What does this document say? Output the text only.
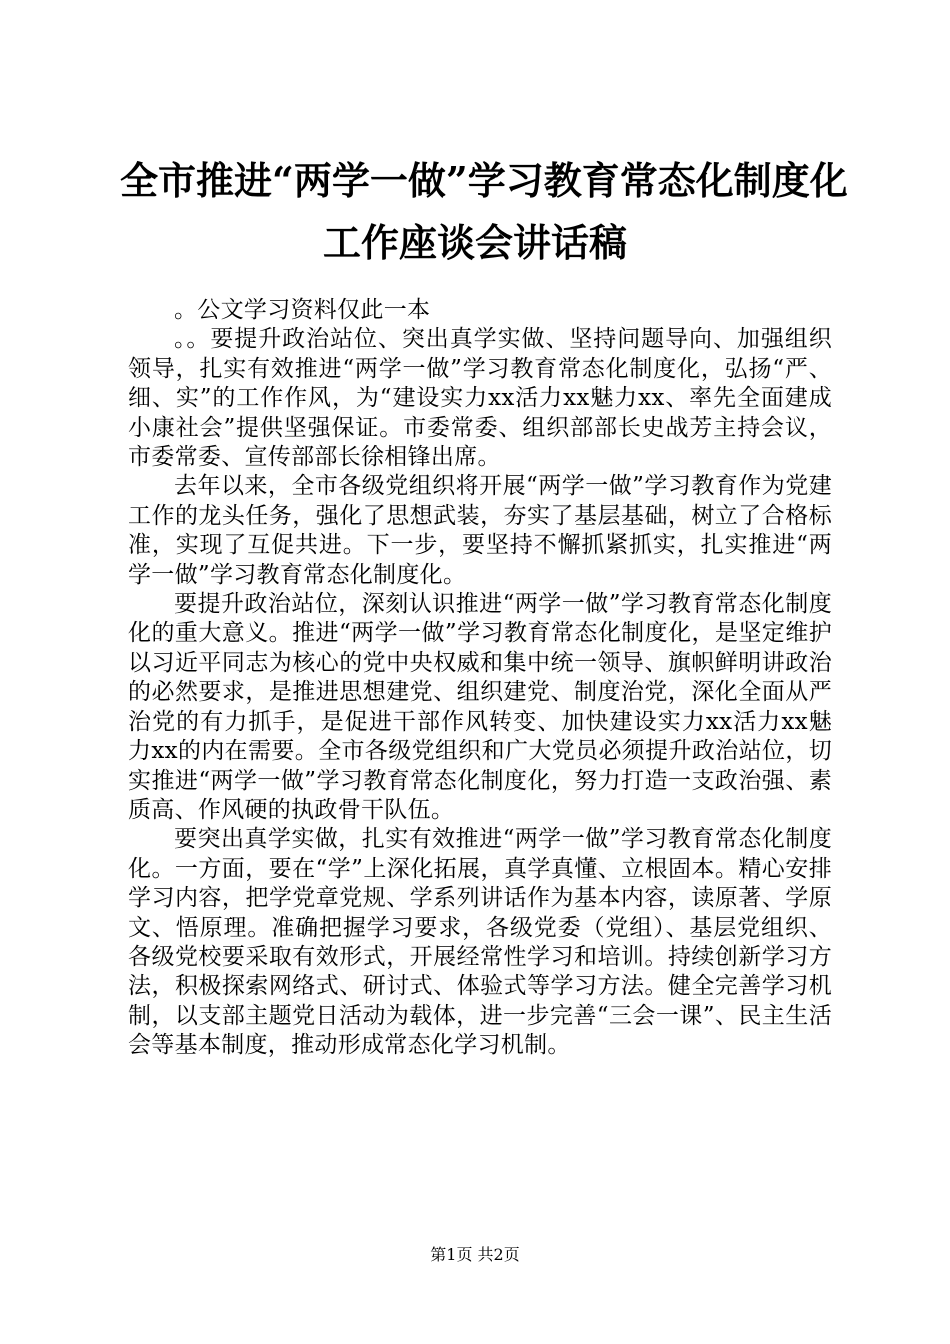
全市推进“两学一做”学习教育常态化制度化
工作座谈会讲话稿

。公文学习资料仅此一本

。。要提升政治站位、突出真学实做、坚持问题导向、加强组织领导，扎实有效推进“两学一做”学习教育常态化制度化，弘扬“严、细、实”的工作作风，为“建设实力xx活力xx魅力xx、率先全面建成小康社会”提供坚强保证。市委常委、组织部部长史战芳主持会议，市委常委、宣传部部长徐相锋出席。

去年以来，全市各级党组织将开展“两学一做”学习教育作为党建工作的龙头任务，强化了思想武装，夯实了基层基础，树立了合格标准，实现了互促共进。下一步，要坚持不懈抓紧抓实，扎实推进“两学一做”学习教育常态化制度化。

要提升政治站位，深刻认识推进“两学一做”学习教育常态化制度化的重大意义。推进“两学一做”学习教育常态化制度化，是坚定维护以习近平同志为核心的党中央权威和集中统一领导、旗帜鲜明讲政治的必然要求，是推进思想建党、组织建党、制度治党，深化全面从严治党的有力抓手，是促进干部作风转变、加快建设实力xx活力xx魅力xx的内在需要。全市各级党组织和广大党员必须提升政治站位，切实推进“两学一做”学习教育常态化制度化，努力打造一支政治强、素质高、作风硬的执政骨干队伍。

要突出真学实做，扎实有效推进“两学一做”学习教育常态化制度化。一方面，要在“学”上深化拓展，真学真懂、立根固本。精心安排学习内容，把学党章党规、学系列讲话作为基本内容，读原著、学原文、悟原理。准确把握学习要求，各级党委（党组）、基层党组织、各级党校要采取有效形式，开展经常性学习和培训。持续创新学习方法，积极探索网络式、研讨式、体验式等学习方法。健全完善学习机制，以支部主题党日活动为载体，进一步完善“三会一课”、民主生活会等基本制度，推动形成常态化学习机制。

第1页 共2页
